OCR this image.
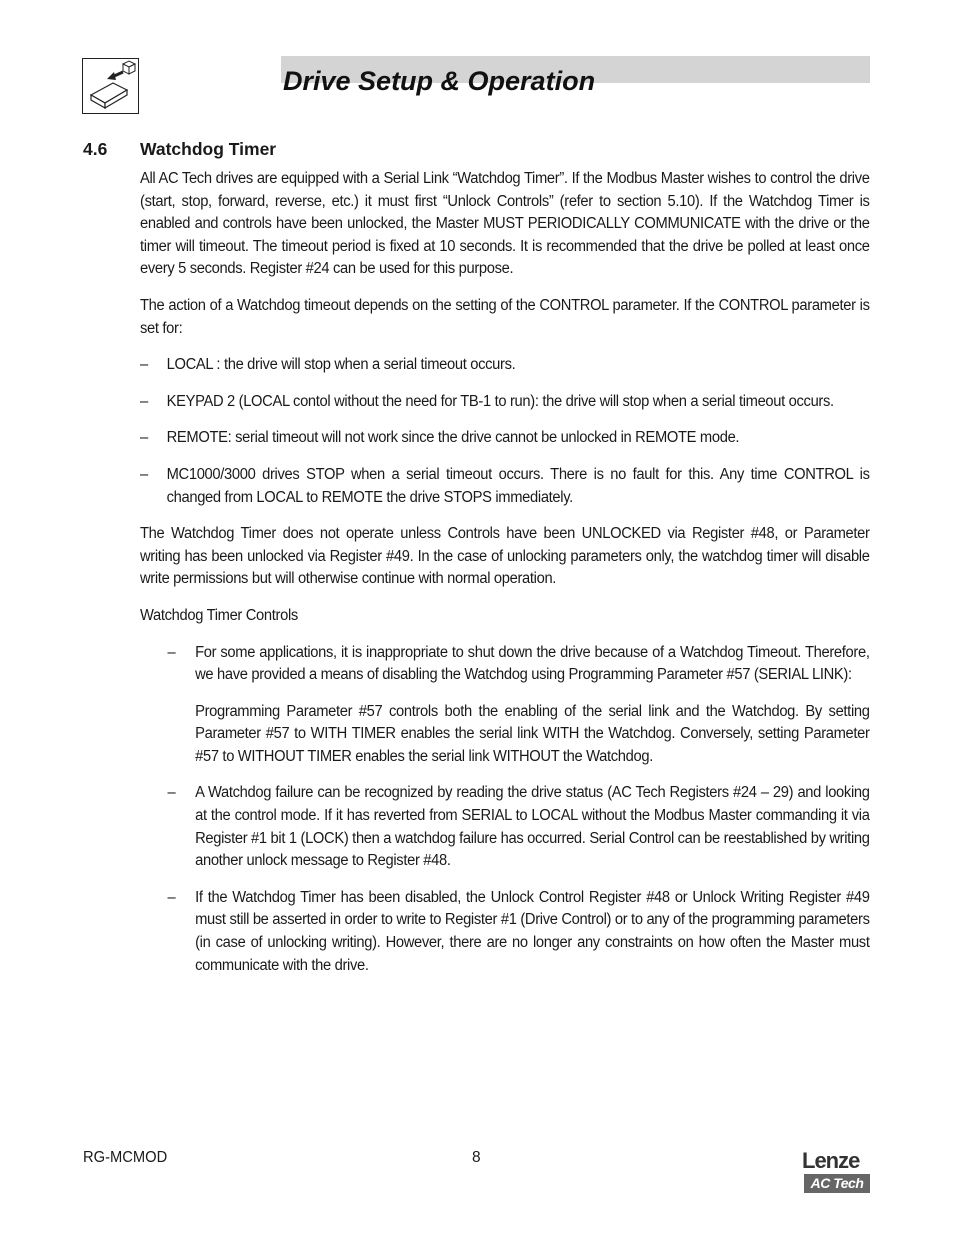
Drive Setup & Operation
4.6 Watchdog Timer

All AC Tech drives are equipped with a Serial Link “Watchdog Timer”. If the Modbus Master wishes to control the drive (start, stop, forward, reverse, etc.) it must first “Unlock Controls” (refer to section 5.10). If the Watchdog Timer is enabled and controls have been unlocked, the Master MUST PERIODICALLY COMMUNICATE with the drive or the timer will timeout. The timeout period is fixed at 10 seconds. It is recommended that the drive be polled at least once every 5 seconds. Register #24 can be used for this purpose.

The action of a Watchdog timeout depends on the setting of the CONTROL parameter. If the CONTROL parameter is set for:

– LOCAL : the drive will stop when a serial timeout occurs.
– KEYPAD 2 (LOCAL contol without the need for TB-1 to run): the drive will stop when a serial timeout occurs.
– REMOTE: serial timeout will not work since the drive cannot be unlocked in REMOTE mode.
– MC1000/3000 drives STOP when a serial timeout occurs. There is no fault for this. Any time CONTROL is changed from LOCAL to REMOTE the drive STOPS immediately.

The Watchdog Timer does not operate unless Controls have been UNLOCKED via Register #48, or Parameter writing has been unlocked via Register #49. In the case of unlocking parameters only, the watchdog timer will disable write permissions but will otherwise continue with normal operation.

Watchdog Timer Controls
– For some applications, it is inappropriate to shut down the drive because of a Watchdog Timeout. Therefore, we have provided a means of disabling the Watchdog using Programming Parameter #57 (SERIAL LINK):
Programming Parameter #57 controls both the enabling of the serial link and the Watchdog. By setting Parameter #57 to WITH TIMER enables the serial link WITH the Watchdog. Conversely, setting Parameter #57 to WITHOUT TIMER enables the serial link WITHOUT the Watchdog.
– A Watchdog failure can be recognized by reading the drive status (AC Tech Registers #24 – 29) and looking at the control mode. If it has reverted from SERIAL to LOCAL without the Modbus Master commanding it via Register #1 bit 1 (LOCK) then a watchdog failure has occurred. Serial Control can be reestablished by writing another unlock message to Register #48.
– If the Watchdog Timer has been disabled, the Unlock Control Register #48 or Unlock Writing Register #49 must still be asserted in order to write to Register #1 (Drive Control) or to any of the programming parameters (in case of unlocking writing). However, there are no longer any constraints on how often the Master must communicate with the drive.
RG-MCMOD	8	Lenze
AC Tech
